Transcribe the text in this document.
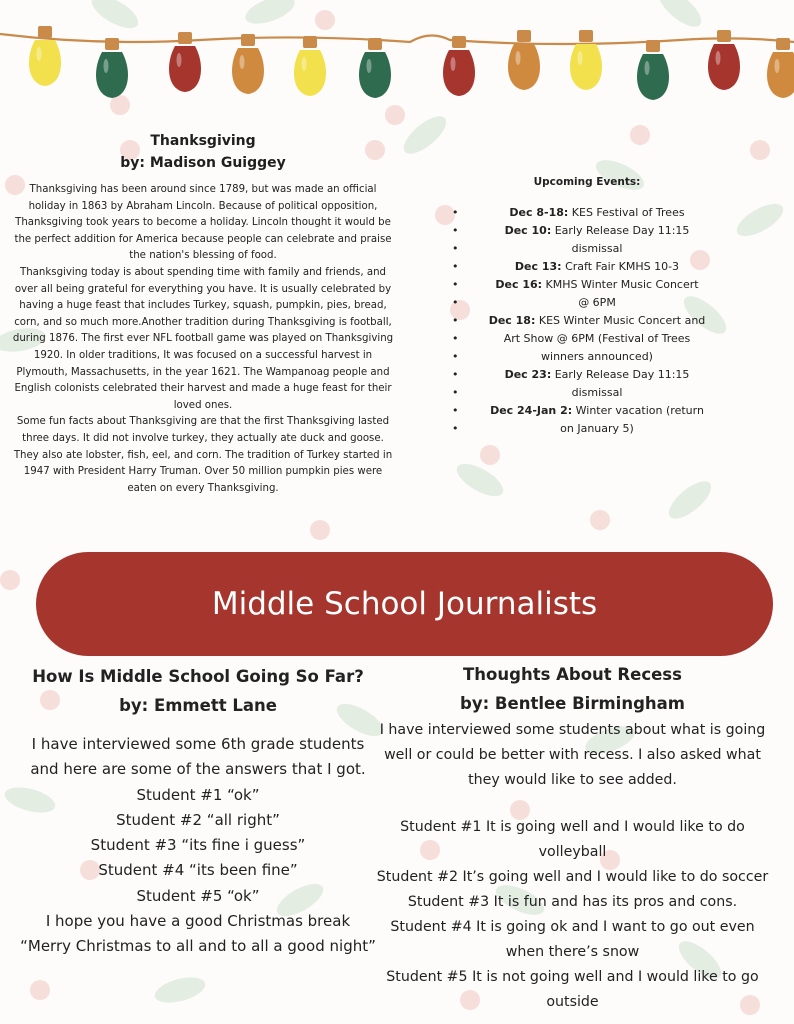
Thanksgiving
by: Madison Guiggey

Thanksgiving has been around since 1789, but was made an official holiday in 1863 by Abraham Lincoln. Because of political opposition, Thanksgiving took years to become a holiday. Lincoln thought it would be the perfect addition for America because people can celebrate and praise the nation's blessing of food.

Thanksgiving today is about spending time with family and friends, and over all being grateful for everything you have. It is usually celebrated by having a huge feast that includes Turkey, squash, pumpkin, pies, bread, corn, and so much more.Another tradition during Thanksgiving is football, during 1876. The first ever NFL football game was played on Thanksgiving 1920. In older traditions, It was focused on a successful harvest in Plymouth, Massachusetts, in the year 1621. The Wampanoag people and English colonists celebrated their harvest and made a huge feast for their loved ones.

Some fun facts about Thanksgiving are that the first Thanksgiving lasted three days. It did not involve turkey, they actually ate duck and goose. They also ate lobster, fish, eel, and corn. The tradition of Turkey started in 1947 with President Harry Truman. Over 50 million pumpkin pies were eaten on every Thanksgiving.

Upcoming Events:
• Dec 8-18: KES Festival of Trees
• Dec 10: Early Release Day 11:15
• dismissal
• Dec 13: Craft Fair KMHS 10-3
• Dec 16: KMHS Winter Music Concert
• @ 6PM
• Dec 18: KES Winter Music Concert and
• Art Show @ 6PM (Festival of Trees
• winners announced)
• Dec 23: Early Release Day 11:15
• dismissal
• Dec 24-Jan 2: Winter vacation (return
• on January 5)
Middle School Journalists
How Is Middle School Going So Far?
by: Emmett Lane

I have interviewed some 6th grade students and here are some of the answers that I got.
Student #1 “ok”
Student #2 “all right”
Student #3 “its fine i guess”
Student #4 “its been fine”
Student #5 “ok”
I hope you have a good Christmas break
“Merry Christmas to all and to all a good night”

Thoughts About Recess
by: Bentlee Birmingham

I have interviewed some students about what is going well or could be better with recess. I also asked what they would like to see added.

Student #1 It is going well and I would like to do volleyball

Student #2 It’s going well and I would like to do soccer

Student #3 It is fun and has its pros and cons.

Student #4 It is going ok and I want to go out even when there’s snow

Student #5 It is not going well and I would like to go outside
